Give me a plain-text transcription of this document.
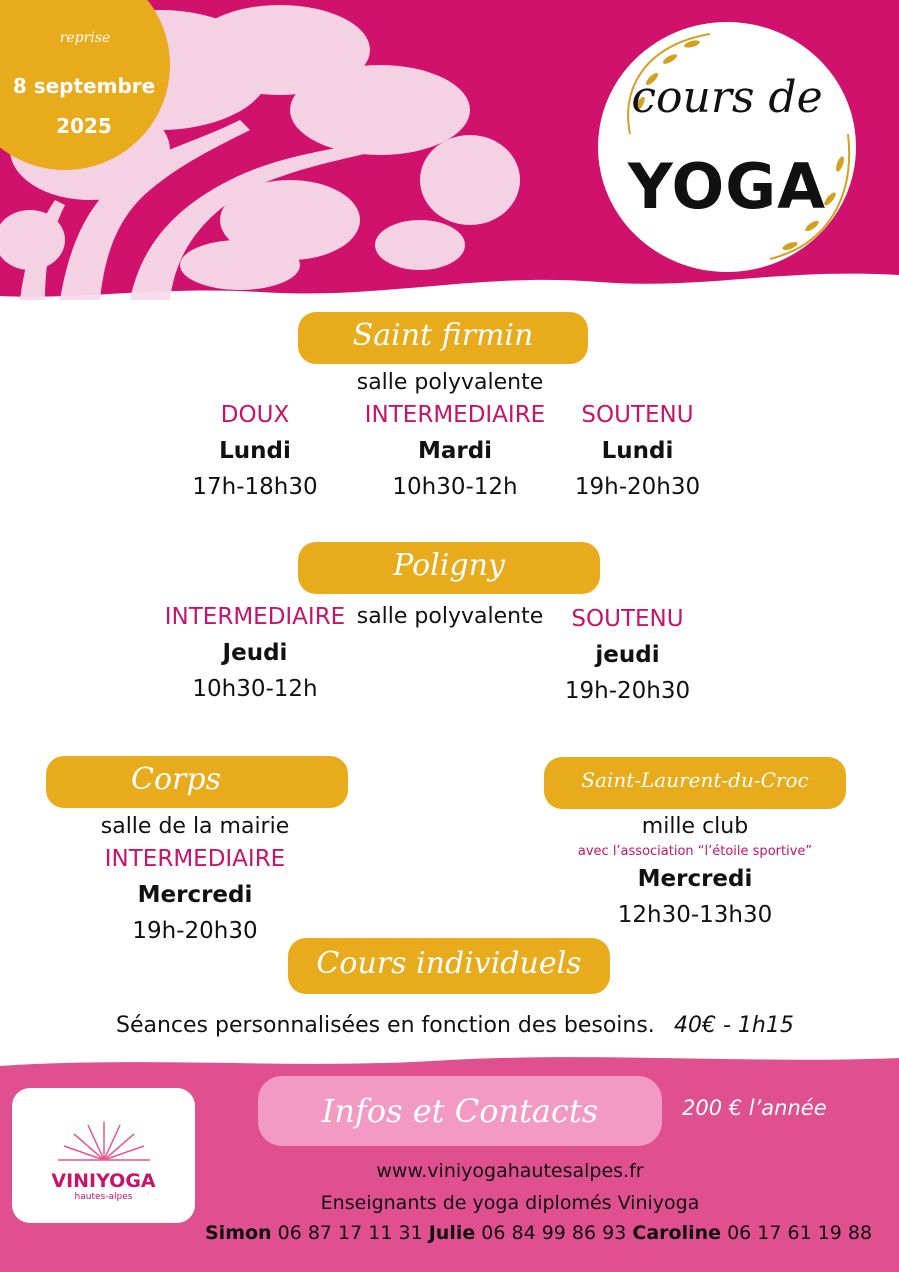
reprise
8 septembre
2025
cours de
YOGA
Saint firmin
salle polyvalente
DOUX
Lundi
17h-18h30
INTERMEDIAIRE
Mardi
10h30-12h
SOUTENU
Lundi
19h-20h30
Poligny
salle polyvalente
INTERMEDIAIRE
Jeudi
10h30-12h
SOUTENU
jeudi
19h-20h30
Corps
salle de la mairie
INTERMEDIAIRE
Mercredi
19h-20h30
Saint-Laurent-du-Croc
mille club
avec l’association “l’étoile sportive”
Mercredi
12h30-13h30
Cours individuels
Séances personnalisées en fonction des besoins. 40€ - 1h15
VINIYOGA
hautes-alpes
Infos et Contacts	200 € l’année
www.viniyogahautesalpes.fr
Enseignants de yoga diplomés Viniyoga
Simon 06 87 17 11 31 Julie 06 84 99 86 93 Caroline 06 17 61 19 88
